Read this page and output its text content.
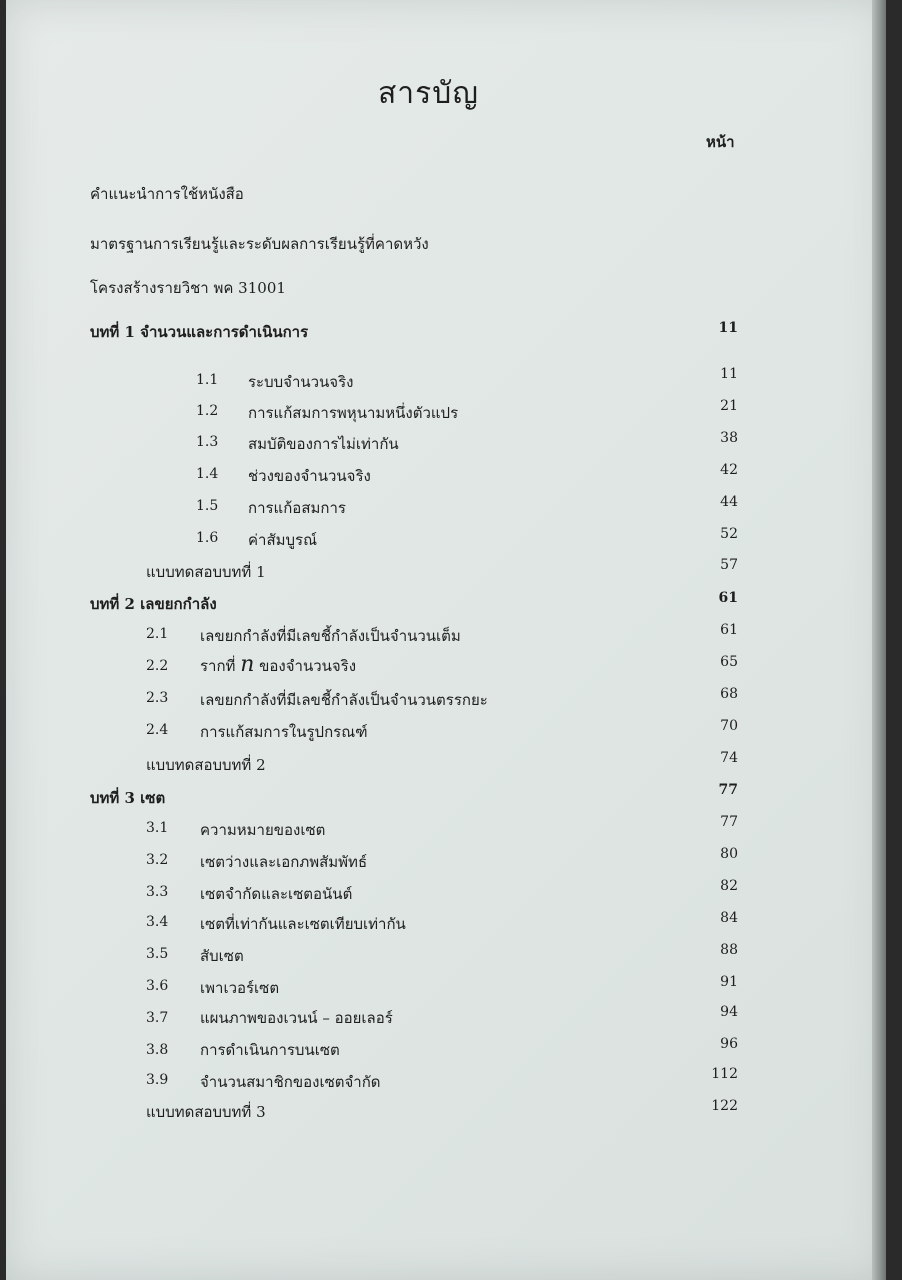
สารบัญ
หน้า
คำแนะนำการใช้หนังสือ
มาตรฐานการเรียนรู้และระดับผลการเรียนรู้ที่คาดหวัง
โครงสร้างรายวิชา พค 31001
บทที่ 1 จำนวนและการดำเนินการ	11
1.1 ระบบจำนวนจริง	11
1.2 การแก้สมการพหุนามหนึ่งตัวแปร	21
1.3 สมบัติของการไม่เท่ากัน	38
1.4 ช่วงของจำนวนจริง	42
1.5 การแก้อสมการ	44
1.6 ค่าสัมบูรณ์	52
แบบทดสอบบทที่ 1	57
บทที่ 2 เลขยกกำลัง	61
2.1 เลขยกกำลังที่มีเลขชี้กำลังเป็นจำนวนเต็ม	61
2.2 รากที่ n ของจำนวนจริง	65
2.3 เลขยกกำลังที่มีเลขชี้กำลังเป็นจำนวนตรรกยะ	68
2.4 การแก้สมการในรูปกรณฑ์	70
แบบทดสอบบทที่ 2	74
บทที่ 3 เซต	77
3.1 ความหมายของเซต	77
3.2 เซตว่างและเอกภพสัมพัทธ์	80
3.3 เซตจำกัดและเซตอนันต์	82
3.4 เซตที่เท่ากันและเซตเทียบเท่ากัน	84
3.5 สับเซต	88
3.6 เพาเวอร์เซต	91
3.7 แผนภาพของเวนน์ – ออยเลอร์	94
3.8 การดำเนินการบนเซต	96
3.9 จำนวนสมาชิกของเซตจำกัด	112
แบบทดสอบบทที่ 3	122
